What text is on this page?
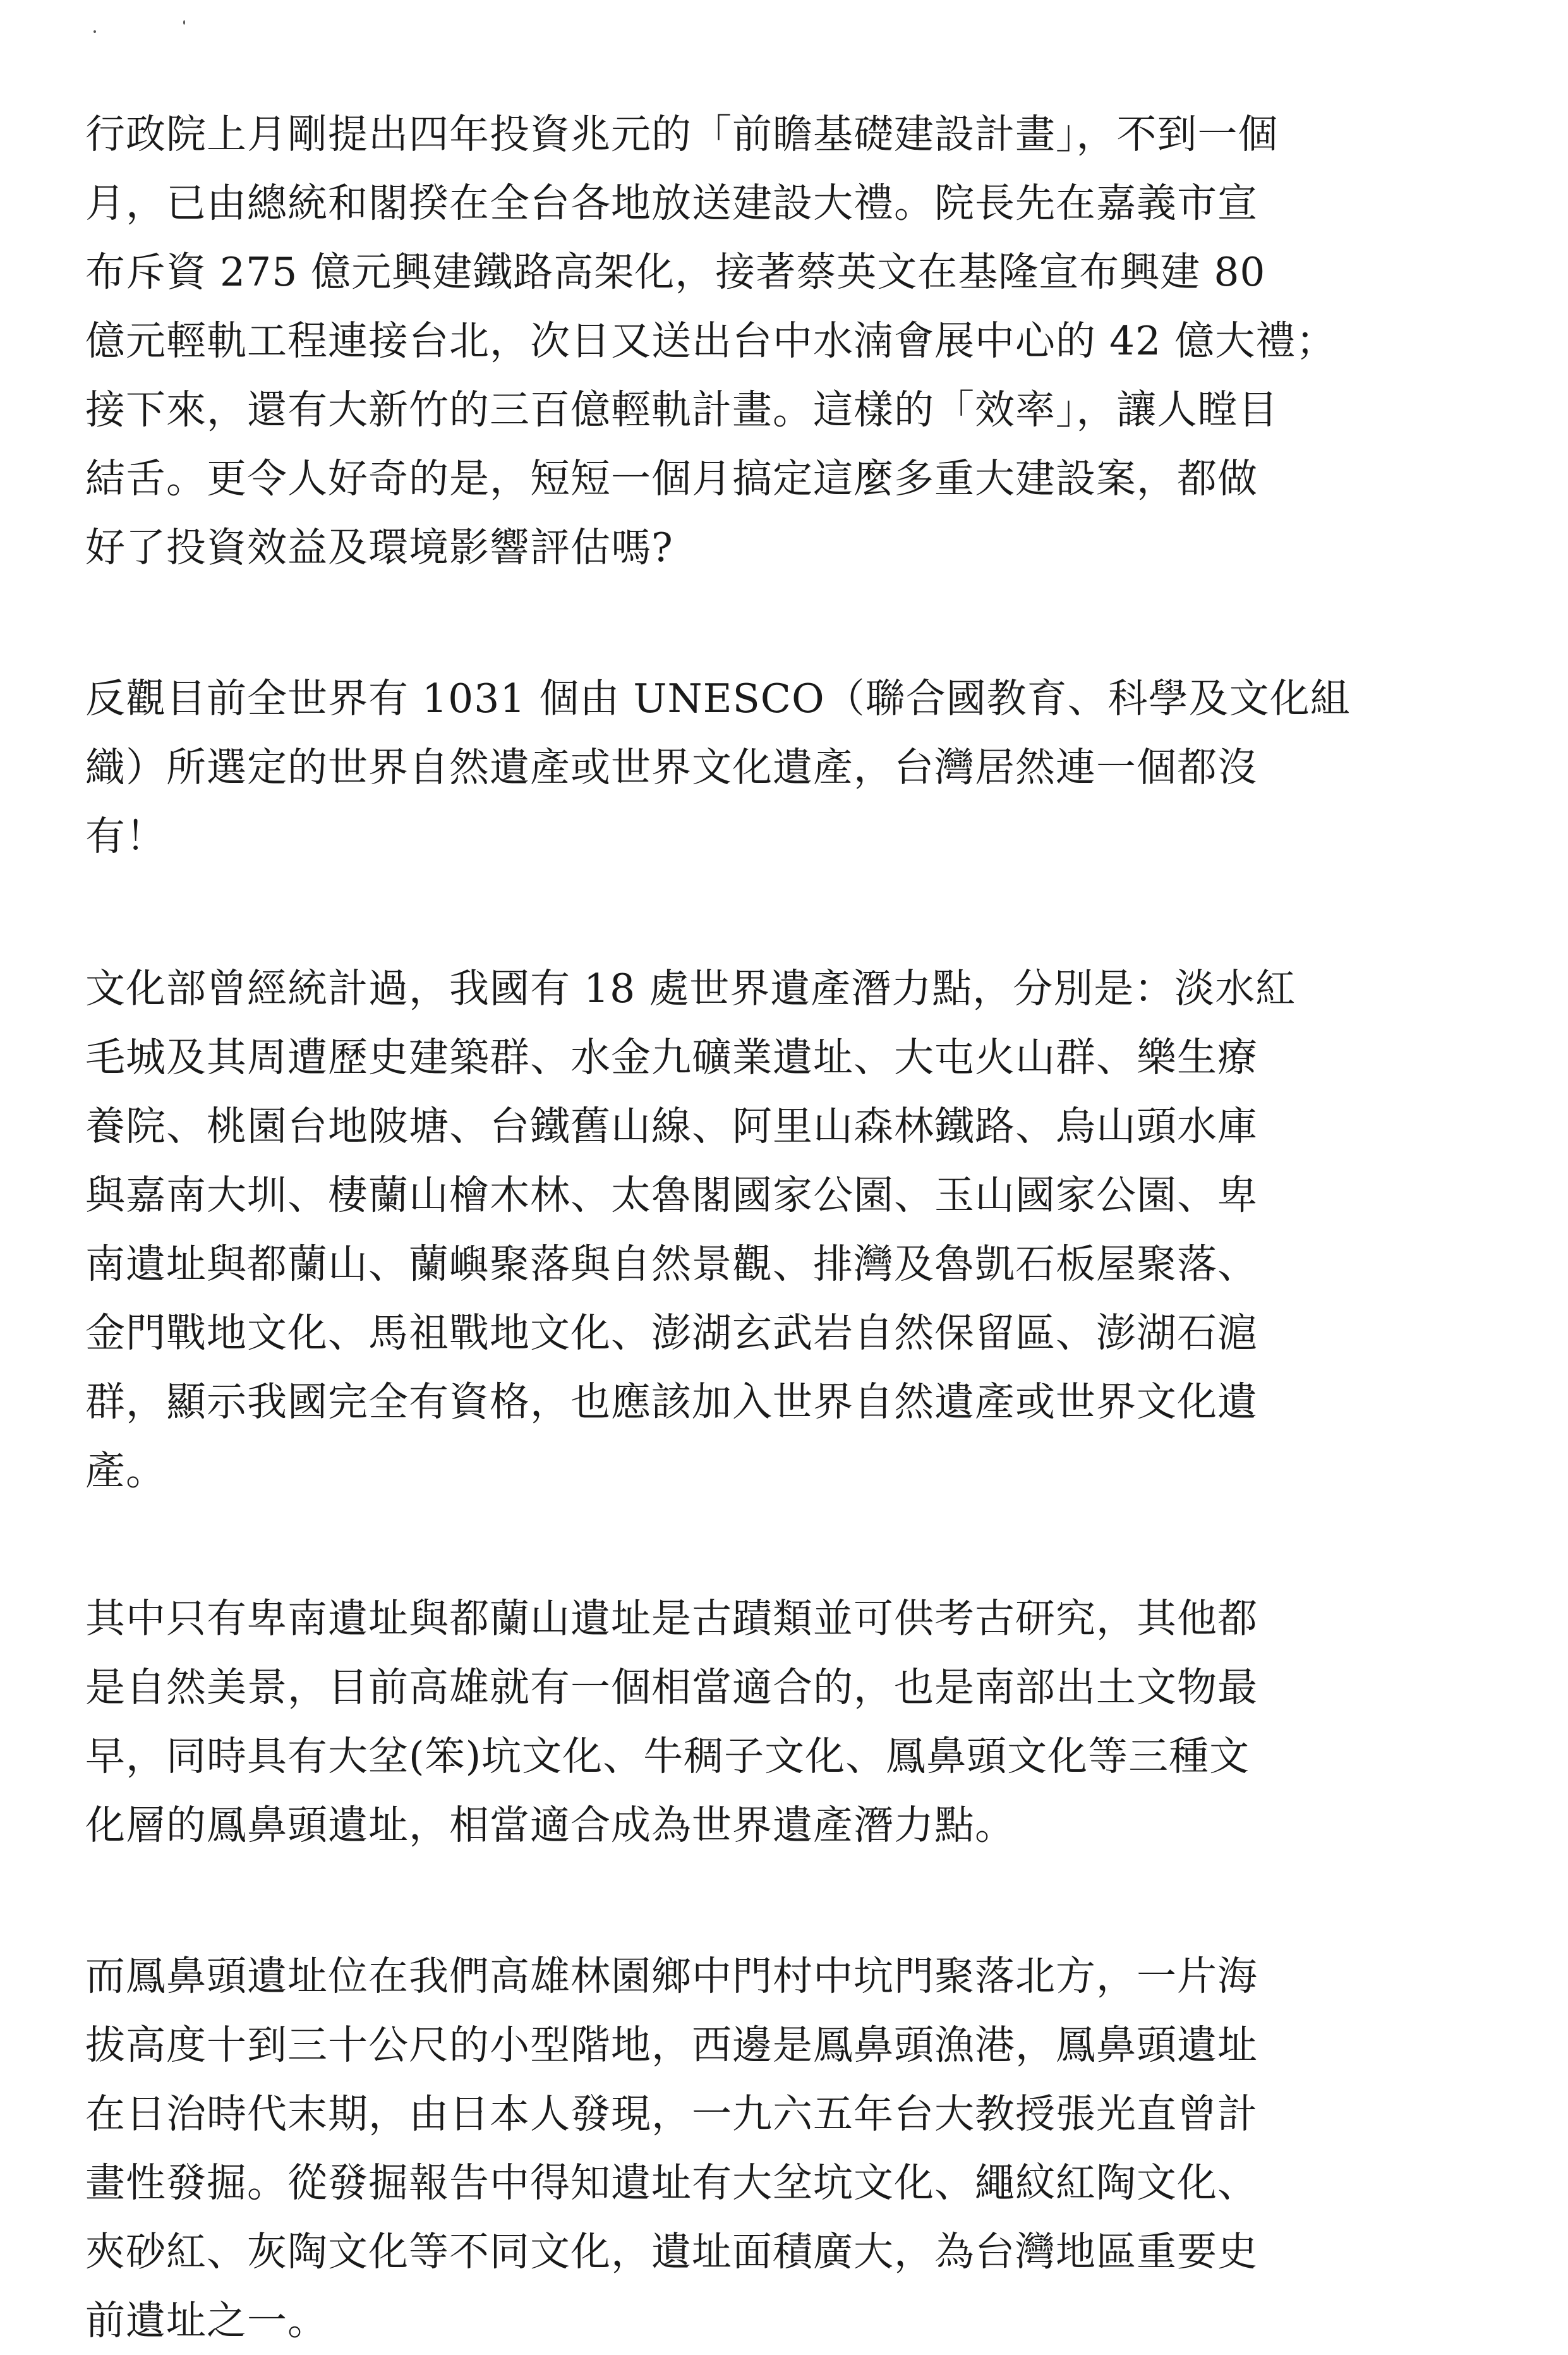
行政院上月剛提出四年投資兆元的「前瞻基礎建設計畫」，不到一個
月，已由總統和閣揆在全台各地放送建設大禮。院長先在嘉義市宣
布斥資 275 億元興建鐵路高架化，接著蔡英文在基隆宣布興建 80
億元輕軌工程連接台北，次日又送出台中水湳會展中心的 42 億大禮；
接下來，還有大新竹的三百億輕軌計畫。這樣的「效率」，讓人瞠目
結舌。更令人好奇的是，短短一個月搞定這麼多重大建設案，都做
好了投資效益及環境影響評估嗎?
反觀目前全世界有 1031 個由 UNESCO（聯合國教育、科學及文化組
織）所選定的世界自然遺產或世界文化遺產，台灣居然連一個都沒
有！
文化部曾經統計過，我國有 18 處世界遺產潛力點，分別是：淡水紅
毛城及其周遭歷史建築群、水金九礦業遺址、大屯火山群、樂生療
養院、桃園台地陂塘、台鐵舊山線、阿里山森林鐵路、烏山頭水庫
與嘉南大圳、棲蘭山檜木林、太魯閣國家公園、玉山國家公園、卑
南遺址與都蘭山、蘭嶼聚落與自然景觀、排灣及魯凱石板屋聚落、
金門戰地文化、馬祖戰地文化、澎湖玄武岩自然保留區、澎湖石滬
群，顯示我國完全有資格，也應該加入世界自然遺產或世界文化遺
產。
其中只有卑南遺址與都蘭山遺址是古蹟類並可供考古研究，其他都
是自然美景，目前高雄就有一個相當適合的，也是南部出土文物最
早，同時具有大坌(笨)坑文化、牛稠子文化、鳳鼻頭文化等三種文
化層的鳳鼻頭遺址，相當適合成為世界遺產潛力點。
而鳳鼻頭遺址位在我們高雄林園鄉中門村中坑門聚落北方，一片海
拔高度十到三十公尺的小型階地，西邊是鳳鼻頭漁港，鳳鼻頭遺址
在日治時代末期，由日本人發現，一九六五年台大教授張光直曾計
畫性發掘。從發掘報告中得知遺址有大坌坑文化、繩紋紅陶文化、
夾砂紅、灰陶文化等不同文化，遺址面積廣大，為台灣地區重要史
前遺址之一。
